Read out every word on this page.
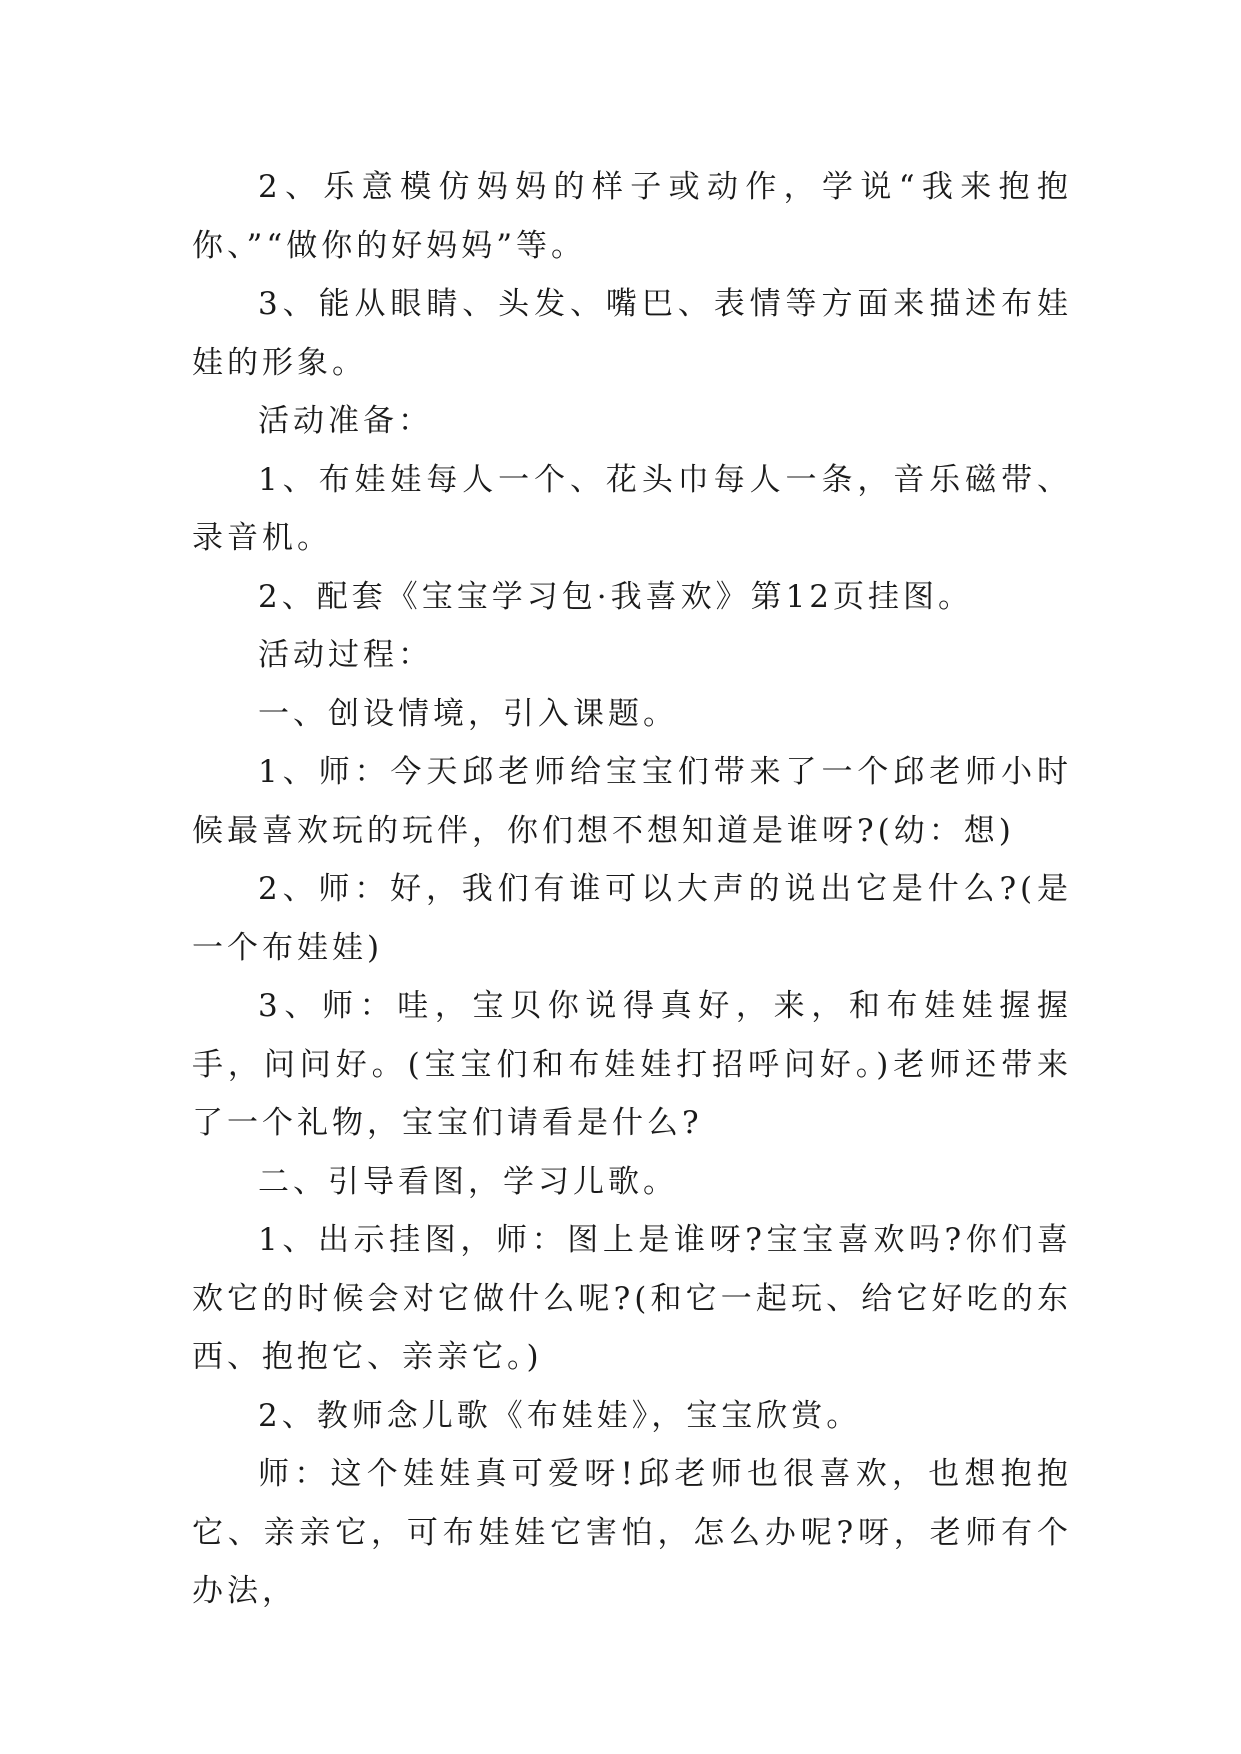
2、乐意模仿妈妈的样子或动作，学说“我来抱抱你、”“做你的好妈妈”等。

3、能从眼睛、头发、嘴巴、表情等方面来描述布娃娃的形象。

活动准备：

1、布娃娃每人一个、花头巾每人一条，音乐磁带、录音机。

2、配套《宝宝学习包·我喜欢》第12页挂图。

活动过程：

一、创设情境，引入课题。

1、师：今天邱老师给宝宝们带来了一个邱老师小时候最喜欢玩的玩伴，你们想不想知道是谁呀?(幼：想)

2、师：好，我们有谁可以大声的说出它是什么?(是一个布娃娃)

3、师：哇，宝贝你说得真好，来，和布娃娃握握手，问问好。(宝宝们和布娃娃打招呼问好。)老师还带来了一个礼物，宝宝们请看是什么?

二、引导看图，学习儿歌。

1、出示挂图，师：图上是谁呀?宝宝喜欢吗?你们喜欢它的时候会对它做什么呢?(和它一起玩、给它好吃的东西、抱抱它、亲亲它。)

2、教师念儿歌《布娃娃》，宝宝欣赏。

师：这个娃娃真可爱呀!邱老师也很喜欢，也想抱抱它、亲亲它，可布娃娃它害怕，怎么办呢?呀，老师有个办法，
